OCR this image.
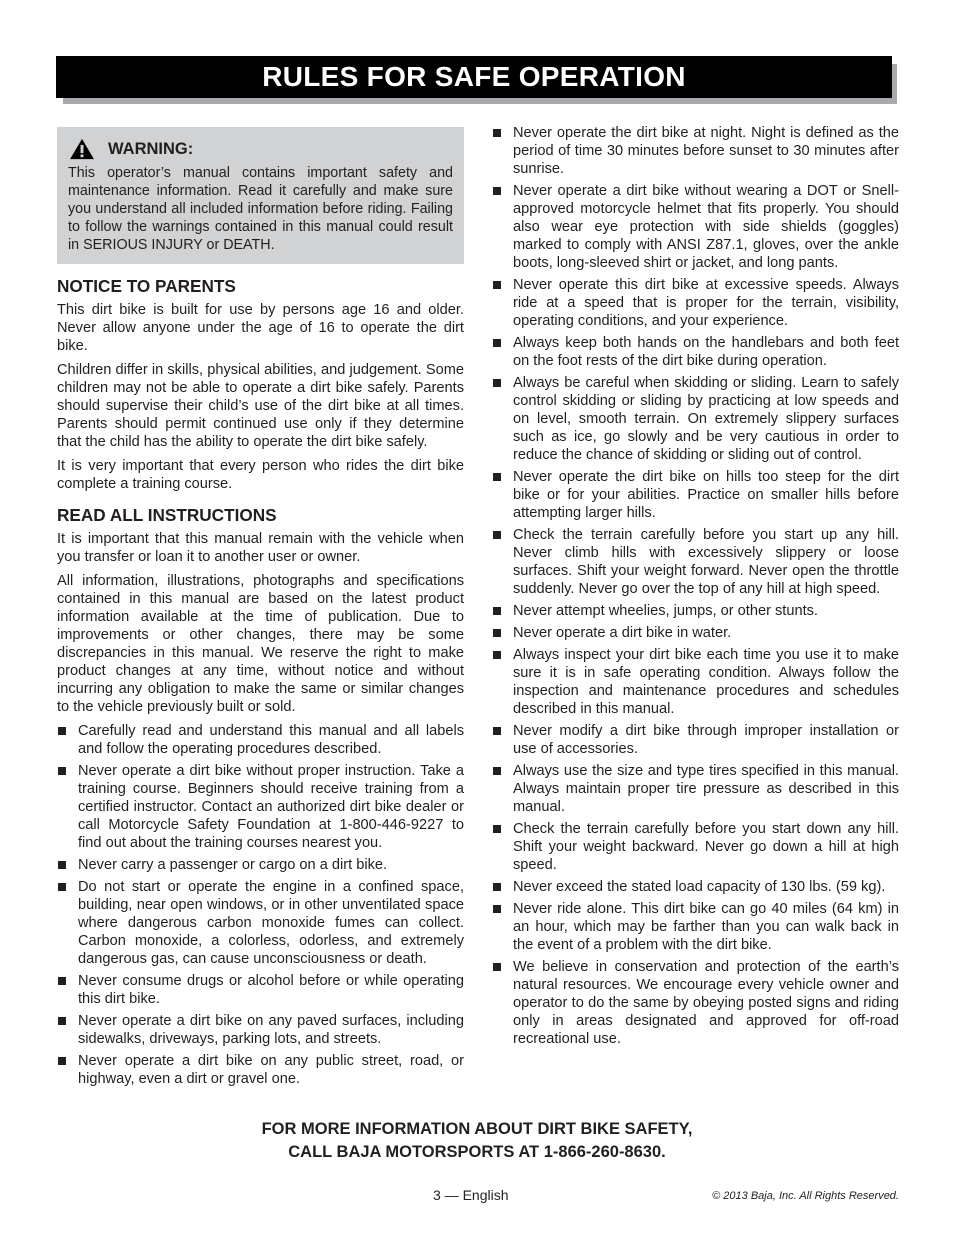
RULES FOR SAFE OPERATION
WARNING:
This operator’s manual contains important safety and maintenance information. Read it carefully and make sure you understand all included information before riding. Failing to follow the warnings contained in this manual could result in SERIOUS INJURY or DEATH.
NOTICE TO PARENTS

This dirt bike is built for use by persons age 16 and older. Never allow anyone under the age of 16 to operate the dirt bike.

Children differ in skills, physical abilities, and judgement. Some children may not be able to operate a dirt bike safely. Parents should supervise their child’s use of the dirt bike at all times. Parents should permit continued use only if they determine that the child has the ability to operate the dirt bike safely.

It is very important that every person who rides the dirt bike complete a training course.

READ ALL INSTRUCTIONS

It is important that this manual remain with the vehicle when you transfer or loan it to another user or owner.

All information, illustrations, photographs and specifications contained in this manual are based on the latest product information available at the time of publication. Due to improvements or other changes, there may be some discrepancies in this manual. We reserve the right to make product changes at any time, without notice and without incurring any obligation to make the same or similar changes to the vehicle previously built or sold.

Carefully read and understand this manual and all labels and follow the operating procedures described.
Never operate a dirt bike without proper instruction. Take a training course. Beginners should receive training from a certified instructor. Contact an authorized dirt bike dealer or call Motorcycle Safety Foundation at 1-800-446-9227 to find out about the training courses nearest you.
Never carry a passenger or cargo on a dirt bike.
Do not start or operate the engine in a confined space, building, near open windows, or in other unventilated space where dangerous carbon monoxide fumes can collect. Carbon monoxide, a colorless, odorless, and extremely dangerous gas, can cause unconsciousness or death.
Never consume drugs or alcohol before or while operating this dirt bike.
Never operate a dirt bike on any paved surfaces, including sidewalks, driveways, parking lots, and streets.
Never operate a dirt bike on any public street, road, or highway, even a dirt or gravel one.
Never operate the dirt bike at night. Night is defined as the period of time 30 minutes before sunset to 30 minutes after sunrise.
Never operate a dirt bike without wearing a DOT or Snell-approved motorcycle helmet that fits properly. You should also wear eye protection with side shields (goggles) marked to comply with ANSI Z87.1, gloves, over the ankle boots, long-sleeved shirt or jacket, and long pants.
Never operate this dirt bike at excessive speeds. Always ride at a speed that is proper for the terrain, visibility, operating conditions, and your experience.
Always keep both hands on the handlebars and both feet on the foot rests of the dirt bike during operation.
Always be careful when skidding or sliding. Learn to safely control skidding or sliding by practicing at low speeds and on level, smooth terrain. On extremely slippery surfaces such as ice, go slowly and be very cautious in order to reduce the chance of skidding or sliding out of control.
Never operate the dirt bike on hills too steep for the dirt bike or for your abilities. Practice on smaller hills before attempting larger hills.
Check the terrain carefully before you start up any hill. Never climb hills with excessively slippery or loose surfaces. Shift your weight forward. Never open the throttle suddenly. Never go over the top of any hill at high speed.
Never attempt wheelies, jumps, or other stunts.
Never operate a dirt bike in water.
Always inspect your dirt bike each time you use it to make sure it is in safe operating condition. Always follow the inspection and maintenance procedures and schedules described in this manual.
Never modify a dirt bike through improper installation or use of accessories.
Always use the size and type tires specified in this manual. Always maintain proper tire pressure as described in this manual.
Check the terrain carefully before you start down any hill. Shift your weight backward. Never go down a hill at high speed.
Never exceed the stated load capacity of 130 lbs. (59 kg).
Never ride alone. This dirt bike can go 40 miles (64 km) in an hour, which may be farther than you can walk back in the event of a problem with the dirt bike.
We believe in conservation and protection of the earth’s natural resources. We encourage every vehicle owner and operator to do the same by obeying posted signs and riding only in areas designated and approved for off-road recreational use.
FOR MORE INFORMATION ABOUT DIRT BIKE SAFETY,
CALL BAJA MOTORSPORTS AT 1-866-260-8630.
3 — English	© 2013 Baja, Inc. All Rights Reserved.
